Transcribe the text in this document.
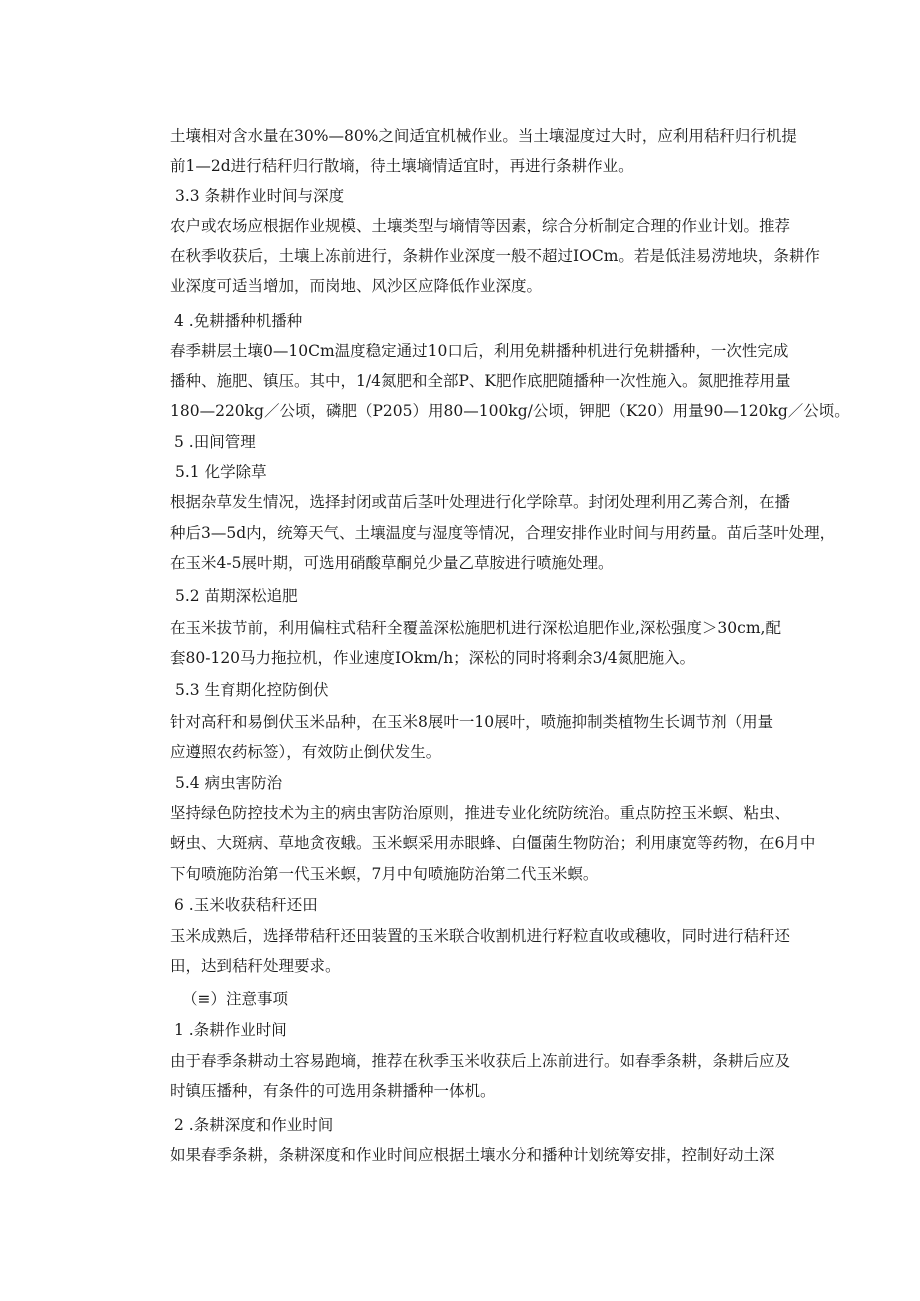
土壤相对含水量在30%—80%之间适宜机械作业。当土壤湿度过大时，应利用秸秆归行机提
前1—2d进行秸秆归行散墒，待土壤墒情适宜时，再进行条耕作业。
3.3 条耕作业时间与深度
农户或农场应根据作业规模、土壤类型与墒情等因素，综合分析制定合理的作业计划。推荐
在秋季收获后，土壤上冻前进行，条耕作业深度一般不超过IOCm。若是低洼易涝地块，条耕作
业深度可适当增加，而岗地、风沙区应降低作业深度。
4 .免耕播种机播种
春季耕层土壤0—10Cm温度稳定通过10口后，利用免耕播种机进行免耕播种，一次性完成
播种、施肥、镇压。其中，1/4氮肥和全部P、K肥作底肥随播种一次性施入。氮肥推荐用量
180—220kg／公顷，磷肥（P205）用80—100kg/公顷，钾肥（K20）用量90—120kg／公顷。
5 .田间管理
5.1 化学除草
根据杂草发生情况，选择封闭或苗后茎叶处理进行化学除草。封闭处理利用乙莠合剂，在播
种后3—5d内，统筹天气、土壤温度与湿度等情况，合理安排作业时间与用药量。苗后茎叶处理，
在玉米4-5展叶期，可选用硝酸草酮兑少量乙草胺进行喷施处理。
5.2 苗期深松追肥
在玉米拔节前，利用偏柱式秸秆全覆盖深松施肥机进行深松追肥作业,深松强度＞30cm,配
套80-120马力拖拉机，作业速度IOkm/h；深松的同时将剩余3/4氮肥施入。
5.3 生育期化控防倒伏
针对高秆和易倒伏玉米品种，在玉米8展叶一10展叶，喷施抑制类植物生长调节剂（用量
应遵照农药标签），有效防止倒伏发生。
5.4 病虫害防治
坚持绿色防控技术为主的病虫害防治原则，推进专业化统防统治。重点防控玉米螟、粘虫、
蚜虫、大斑病、草地贪夜蛾。玉米螟采用赤眼蜂、白僵菌生物防治；利用康宽等药物，在6月中
下旬喷施防治第一代玉米螟，7月中旬喷施防治第二代玉米螟。
6 .玉米收获秸秆还田
玉米成熟后，选择带秸秆还田装置的玉米联合收割机进行籽粒直收或穗收，同时进行秸秆还
田，达到秸秆处理要求。
（≡）注意事项
1 .条耕作业时间
由于春季条耕动土容易跑墒，推荐在秋季玉米收获后上冻前进行。如春季条耕，条耕后应及
时镇压播种，有条件的可选用条耕播种一体机。
2 .条耕深度和作业时间
如果春季条耕，条耕深度和作业时间应根据土壤水分和播种计划统筹安排，控制好动土深
